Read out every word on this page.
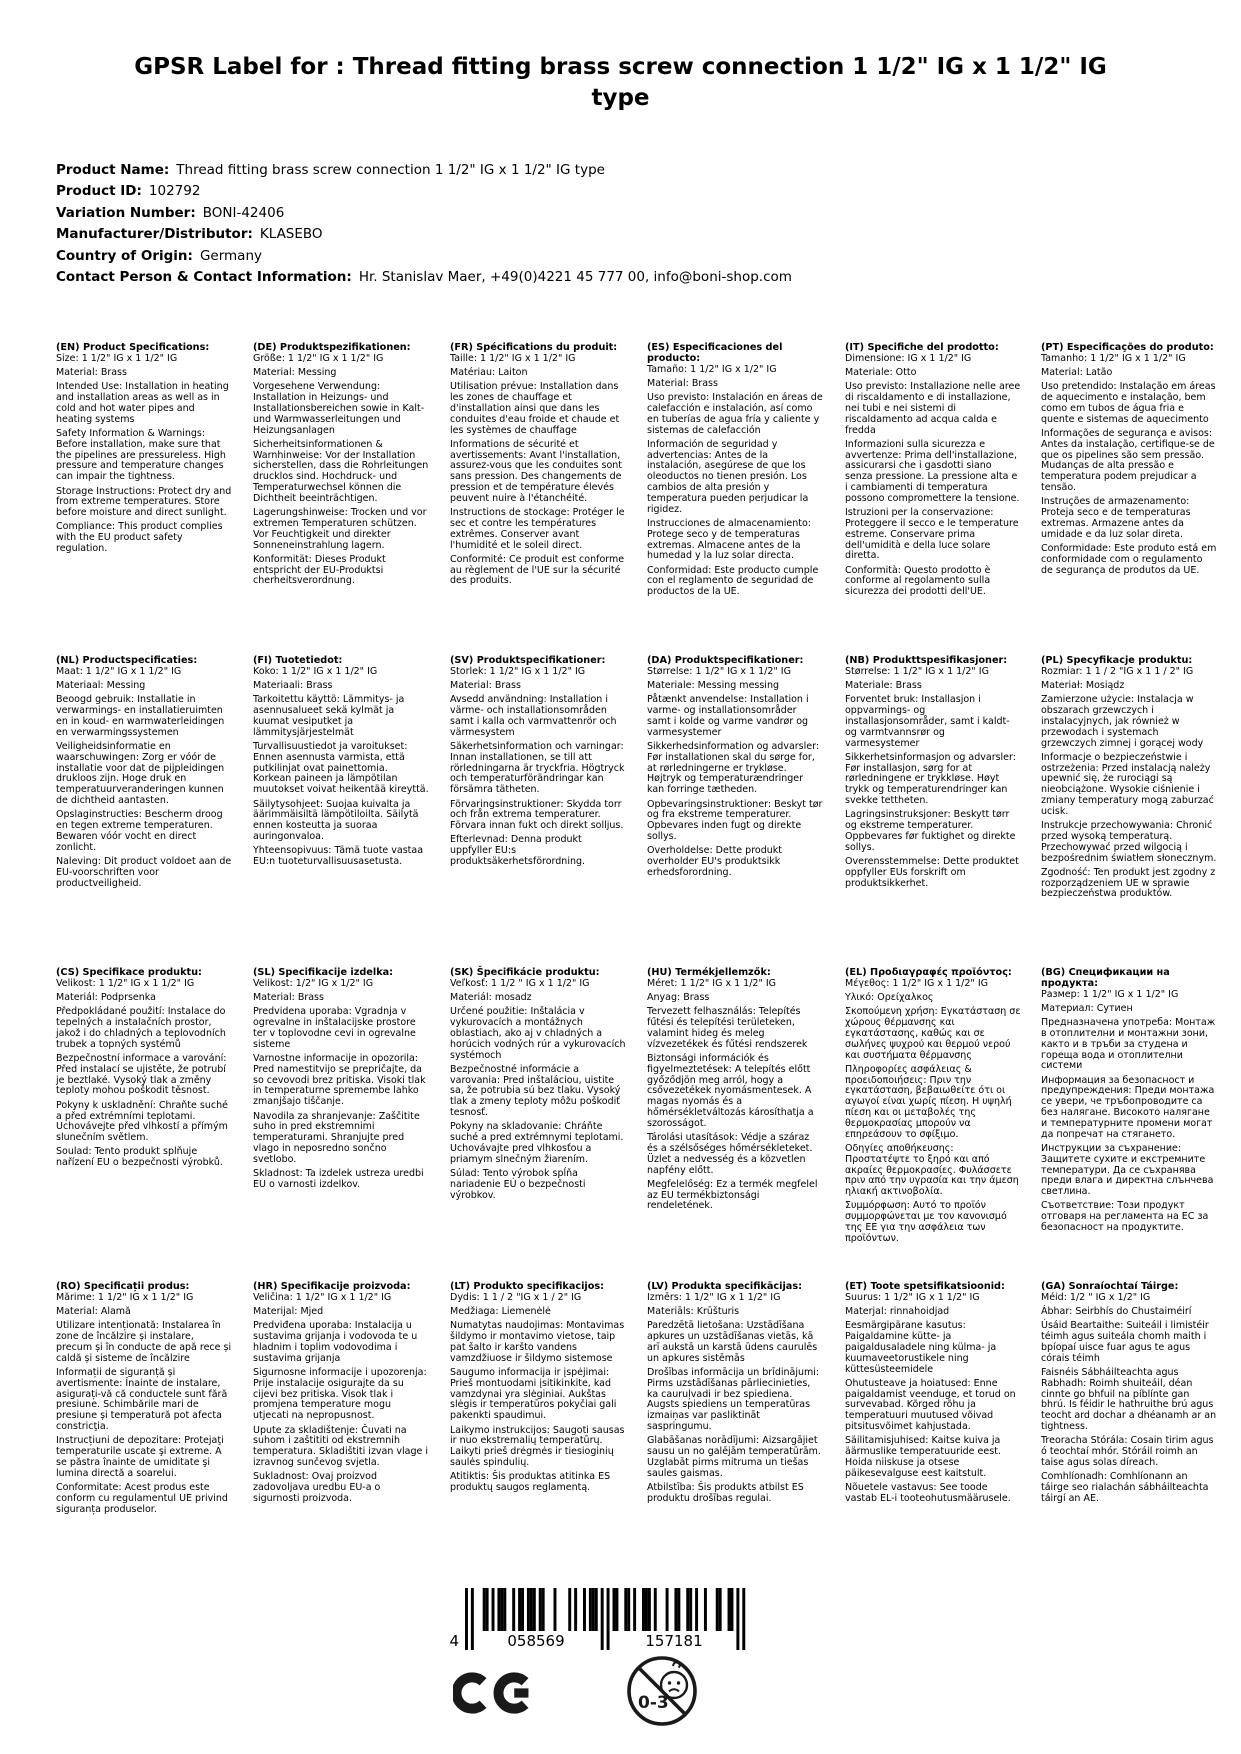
GPSR Label for : Thread fitting brass screw connection 1 1/2" IG x 1 1/2" IG type
Product Name: Thread fitting brass screw connection 1 1/2" IG x 1 1/2" IG type
Product ID: 102792
Variation Number: BONI-42406
Manufacturer/Distributor: KLASEBO
Country of Origin: Germany
Contact Person & Contact Information: Hr. Stanislav Maer, +49(0)4221 45 777 00, info@boni-shop.com
(EN) Product Specifications:

Size: 1 1/2" IG x 1 1/2" IG

Material: Brass

Intended Use: Installation in heating and installation areas as well as in cold and hot water pipes and heating systems

Safety Information & Warnings: Before installation, make sure that the pipelines are pressureless. High pressure and temperature changes can impair the tightness.

Storage Instructions: Protect dry and from extreme temperatures. Store before moisture and direct sunlight.

Compliance: This product complies with the EU product safety regulation.

(DE) Produktspezifikationen:

Größe: 1 1/2" IG x 1 1/2" IG

Material: Messing

Vorgesehene Verwendung: Installation in Heizungs- und Installationsbereichen sowie in Kalt- und Warmwasserleitungen und Heizungsanlagen

Sicherheitsinformationen & Warnhinweise: Vor der Installation sicherstellen, dass die Rohrleitungen drucklos sind. Hochdruck- und Temperaturwechsel können die Dichtheit beeinträchtigen.

Lagerungshinweise: Trocken und vor extremen Temperaturen schützen. Vor Feuchtigkeit und direkter Sonneneinstrahlung lagern.

Konformität: Dieses Produkt entspricht der EU-Produktsi cherheitsverordnung.

(FR) Spécifications du produit:

Taille: 1 1/2" IG x 1 1/2" IG

Matériau: Laiton

Utilisation prévue: Installation dans les zones de chauffage et d'installation ainsi que dans les conduites d'eau froide et chaude et les systèmes de chauffage

Informations de sécurité et avertissements: Avant l'installation, assurez-vous que les conduites sont sans pression. Des changements de pression et de température élevés peuvent nuire à l'étanchéité.

Instructions de stockage: Protéger le sec et contre les températures extrêmes. Conserver avant l'humidité et le soleil direct.

Conformité: Ce produit est conforme au règlement de l'UE sur la sécurité des produits.

(ES) Especificaciones del producto:

Tamaño: 1 1/2" IG x 1/2" IG

Material: Brass

Uso previsto: Instalación en áreas de calefacción e instalación, así como en tuberías de agua fría y caliente y sistemas de calefacción

Información de seguridad y advertencias: Antes de la instalación, asegúrese de que los oleoductos no tienen presión. Los cambios de alta presión y temperatura pueden perjudicar la rigidez.

Instrucciones de almacenamiento: Protege seco y de temperaturas extremas. Almacene antes de la humedad y la luz solar directa.

Conformidad: Este producto cumple con el reglamento de seguridad de productos de la UE.

(IT) Specifiche del prodotto:

Dimensione: IG x 1 1/2" IG

Materiale: Otto

Uso previsto: Installazione nelle aree di riscaldamento e di installazione, nei tubi e nei sistemi di riscaldamento ad acqua calda e fredda

Informazioni sulla sicurezza e avvertenze: Prima dell'installazione, assicurarsi che i gasdotti siano senza pressione. La pressione alta e i cambiamenti di temperatura possono compromettere la tensione.

Istruzioni per la conservazione: Proteggere il secco e le temperature estreme. Conservare prima dell'umidità e della luce solare diretta.

Conformità: Questo prodotto è conforme al regolamento sulla sicurezza dei prodotti dell'UE.

(PT) Especificações do produto:

Tamanho: 1 1/2" IG x 1 1/2" IG

Material: Latão

Uso pretendido: Instalação em áreas de aquecimento e instalação, bem como em tubos de água fria e quente e sistemas de aquecimento

Informações de segurança e avisos: Antes da instalação, certifique-se de que os pipelines são sem pressão. Mudanças de alta pressão e temperatura podem prejudicar a tensão.

Instruções de armazenamento: Proteja seco e de temperaturas extremas. Armazene antes da umidade e da luz solar direta.

Conformidade: Este produto está em conformidade com o regulamento de segurança de produtos da UE.

(NL) Productspecificaties:

Maat: 1 1/2" IG x 1 1/2" IG

Materiaal: Messing

Beoogd gebruik: Installatie in verwarmings- en installatieruimten en in koud- en warmwaterleidingen en verwarmingssystemen

Veiligheidsinformatie en waarschuwingen: Zorg er vóór de installatie voor dat de pijpleidingen drukloos zijn. Hoge druk en temperatuurveranderingen kunnen de dichtheid aantasten.

Opslaginstructies: Bescherm droog en tegen extreme temperaturen. Bewaren vóór vocht en direct zonlicht.

Naleving: Dit product voldoet aan de EU-voorschriften voor productveiligheid.

(FI) Tuotetiedot:

Koko: 1 1/2" IG x 1 1/2" IG

Materiaali: Brass

Tarkoitettu käyttö: Lämmitys- ja asennusalueet sekä kylmät ja kuumat vesiputket ja lämmitysjärjestelmät

Turvallisuustiedot ja varoitukset: Ennen asennusta varmista, että putkilinjat ovat painettomia. Korkean paineen ja lämpötilan muutokset voivat heikentää kireyttä.

Säilytysohjeet: Suojaa kuivalta ja äärimmäisiltä lämpötiloilta. Säilytä ennen kosteutta ja suoraa auringonvaloa.

Yhteensopivuus: Tämä tuote vastaa EU:n tuoteturvallisuusasetusta.

(SV) Produktspecifikationer:

Storlek: 1 1/2" IG x 1 1/2" IG

Material: Brass

Avsedd användning: Installation i värme- och installationsområden samt i kalla och varmvattenrör och värmesystem

Säkerhetsinformation och varningar: Innan installationen, se till att rörledningarna är tryckfria. Högtryck och temperaturförändringar kan försämra tätheten.

Förvaringsinstruktioner: Skydda torr och från extrema temperaturer. Förvara innan fukt och direkt solljus.

Efterlevnad: Denna produkt uppfyller EU:s produktsäkerhetsförordning.

(DA) Produktspecifikationer:

Størrelse: 1 1/2" IG x 1 1/2" IG

Materiale: Messing messing

Påtænkt anvendelse: Installation i varme- og installationsområder samt i kolde og varme vandrør og varmesystemer

Sikkerhedsinformation og advarsler: Før installationen skal du sørge for, at rørledningerne er trykløse. Højtryk og temperaturændringer kan forringe tætheden.

Opbevaringsinstruktioner: Beskyt tør og fra ekstreme temperaturer. Opbevares inden fugt og direkte sollys.

Overholdelse: Dette produkt overholder EU's produktsikk erhedsforordning.

(NB) Produkttspesifikasjoner:

Størrelse: 1 1/2" IG x 1 1/2" IG

Materiale: Brass

Forventet bruk: Installasjon i oppvarmings- og installasjonsområder, samt i kaldt- og varmtvannsrør og varmesystemer

Sikkerhetsinformasjon og advarsler: Før installasjon, sørg for at rørledningene er trykkløse. Høyt trykk og temperaturendringer kan svekke tettheten.

Lagringsinstruksjoner: Beskytt tørr og ekstreme temperaturer. Oppbevares før fuktighet og direkte sollys.

Overensstemmelse: Dette produktet oppfyller EUs forskrift om produktsikkerhet.

(PL) Specyfikacje produktu:

Rozmiar: 1 1 / 2 "IG x 1 1 / 2" IG

Materiał: Mosiądz

Zamierzone użycie: Instalacja w obszarach grzewczych i instalacyjnych, jak również w przewodach i systemach grzewczych zimnej i gorącej wody

Informacje o bezpieczeństwie i ostrzeżenia: Przed instalacją należy upewnić się, że rurociągi są nieobciążone. Wysokie ciśnienie i zmiany temperatury mogą zaburzać ucisk.

Instrukcje przechowywania: Chronić przed wysoką temperaturą. Przechowywać przed wilgocią i bezpośrednim światłem słonecznym.

Zgodność: Ten produkt jest zgodny z rozporządzeniem UE w sprawie bezpieczeństwa produktów.

(CS) Specifikace produktu:

Velikost: 1 1/2" IG x 1 1/2" IG

Materiál: Podprsenka

Předpokládané použití: Instalace do tepelných a instalačních prostor, jakož i do chladných a teplovodních trubek a topných systémů

Bezpečnostní informace a varování: Před instalací se ujistěte, že potrubí je beztlaké. Vysoký tlak a změny teploty mohou poškodit těsnost.

Pokyny k uskladnění: Chraňte suché a před extrémními teplotami. Uchovávejte před vlhkostí a přímým slunečním světlem.

Soulad: Tento produkt splňuje nařízení EU o bezpečnosti výrobků.

(SL) Specifikacije izdelka:

Velikost: 1/2" IG x 1/2" IG

Material: Brass

Predvidena uporaba: Vgradnja v ogrevalne in inštalacijske prostore ter v toplovodne cevi in ogrevalne sisteme

Varnostne informacije in opozorila: Pred namestitvijo se prepričajte, da so cevovodi brez pritiska. Visoki tlak in temperaturne spremembe lahko zmanjšajo tiščanje.

Navodila za shranjevanje: Zaščitite suho in pred ekstremnimi temperaturami. Shranjujte pred vlago in neposredno sončno svetlobo.

Skladnost: Ta izdelek ustreza uredbi EU o varnosti izdelkov.

(SK) Špecifikácie produktu:

Veľkosť: 1 1/2 " IG x 1 1/2" IG

Materiál: mosadz

Určené použitie: Inštalácia v vykurovacích a montážnych oblastiach, ako aj v chladných a horúcich vodných rúr a vykurovacích systémoch

Bezpečnostné informácie a varovania: Pred inštaláciou, uistite sa, že potrubia sú bez tlaku. Vysoký tlak a zmeny teploty môžu poškodiť tesnosť.

Pokyny na skladovanie: Chráňte suché a pred extrémnymi teplotami. Uchovávajte pred vlhkosťou a priamym slnečným žiarením.

Súlad: Tento výrobok spĺňa nariadenie EÚ o bezpečnosti výrobkov.

(HU) Termékjellemzők:

Méret: 1 1/2" IG x 1 1/2" IG

Anyag: Brass

Tervezett felhasználás: Telepítés fűtési és telepítési területeken, valamint hideg és meleg vízvezetékek és fűtési rendszerek

Biztonsági információk és figyelmeztetések: A telepítés előtt győződjön meg arról, hogy a csővezetékek nyomásmentesek. A magas nyomás és a hőmérsékletváltozás károsíthatja a szorosságot.

Tárolási utasítások: Védje a száraz és a szélsőséges hőmérsékleteket. Üzlet a nedvesség és a közvetlen napfény előtt.

Megfelelőség: Ez a termék megfelel az EU termékbiztonsági rendeletének.

(EL) Προδιαγραφές προϊόντος:

Μέγεθος: 1 1/2" IG x 1 1/2" IG

Υλικό: Ορείχαλκος

Σκοπούμενη χρήση: Εγκατάσταση σε χώρους θέρμανσης και εγκατάστασης, καθώς και σε σωλήνες ψυχρού και θερμού νερού και συστήματα θέρμανσης

Πληροφορίες ασφάλειας & προειδοποιήσεις: Πριν την εγκατάσταση, βεβαιωθείτε ότι οι αγωγοί είναι χωρίς πίεση. Η υψηλή πίεση και οι μεταβολές της θερμοκρασίας μπορούν να επηρεάσουν το σφίξιμο.

Οδηγίες αποθήκευσης: Προστατέψτε το ξηρό και από ακραίες θερμοκρασίες. Φυλάσσετε πριν από την υγρασία και την άμεση ηλιακή ακτινοβολία.

Συμμόρφωση: Αυτό το προϊόν συμμορφώνεται με τον κανονισμό της ΕΕ για την ασφάλεια των προϊόντων.

(BG) Спецификации на продукта:

Размер: 1 1/2" IG x 1 1/2" IG

Материал: Сутиен

Предназначена употреба: Монтаж в отоплителни и монтажни зони, както и в тръби за студена и гореща вода и отоплителни системи

Информация за безопасност и предупреждения: Преди монтажа се увери, че тръбопроводите са без налягане. Високото налягане и температурните промени могат да попречат на стягането.

Инструкции за съхранение: Защитете сухите и екстремните температури. Да се съхранява преди влага и директна слънчева светлина.

Съответствие: Този продукт отговаря на регламента на ЕС за безопасност на продуктите.

(RO) Specificații produs:

Mărime: 1 1/2" IG x 1 1/2" IG

Material: Alamă

Utilizare intenționată: Instalarea în zone de încălzire și instalare, precum și în conducte de apă rece și caldă și sisteme de încălzire

Informații de siguranță și avertismente: Înainte de instalare, asigurați-vă că conductele sunt fără presiune. Schimbările mari de presiune și temperatură pot afecta constricţia.

Instrucțiuni de depozitare: Protejaţi temperaturile uscate şi extreme. A se păstra înainte de umiditate şi lumina directă a soarelui.

Conformitate: Acest produs este conform cu regulamentul UE privind siguranța produselor.

(HR) Specifikacije proizvoda:

Veličina: 1 1/2" IG x 1 1/2" IG

Materijal: Mjed

Predviđena uporaba: Instalacija u sustavima grijanja i vodovoda te u hladnim i toplim vodovodima i sustavima grijanja

Sigurnosne informacije i upozorenja: Prije instalacije osigurajte da su cijevi bez pritiska. Visok tlak i promjena temperature mogu utjecati na nepropusnost.

Upute za skladištenje: Čuvati na suhom i zaštititi od ekstremnih temperatura. Skladištiti izvan vlage i izravnog sunčevog svjetla.

Sukladnost: Ovaj proizvod zadovoljava uredbu EU-a o sigurnosti proizvoda.

(LT) Produkto specifikacijos:

Dydis: 1 1 / 2 "IG x 1 / 2" IG

Medžiaga: Liemenėlė

Numatytas naudojimas: Montavimas šildymo ir montavimo vietose, taip pat šalto ir karšto vandens vamzdžiuose ir šildymo sistemose

Saugumo informacija ir įspėjimai: Prieš montuodami įsitikinkite, kad vamzdynai yra slėginiai. Aukštas slėgis ir temperatūros pokyčiai gali pakenkti spaudimui.

Laikymo instrukcijos: Saugoti sausas ir nuo ekstremalių temperatūrų. Laikyti prieš drėgmės ir tiesioginių saulės spindulių.

Atitiktis: Šis produktas atitinka ES produktų saugos reglamentą.

(LV) Produkta specifikācijas:

Izmērs: 1 1/2" IG x 1 1/2" IG

Materiāls: Krūšturis

Paredzētā lietošana: Uzstādīšana apkures un uzstādīšanas vietās, kā arī aukstā un karstā ūdens caurulēs un apkures sistēmās

Drošības informācija un brīdinājumi: Pirms uzstādīšanas pārliecinieties, ka cauruļvadi ir bez spiediena. Augsts spiediens un temperatūras izmaiņas var pasliktināt saspringumu.

Glabāšanas norādījumi: Aizsargājiet sausu un no galējām temperatūrām. Uzglabāt pirms mitruma un tiešas saules gaismas.

Atbilstība: Šis produkts atbilst ES produktu drošības regulai.

(ET) Toote spetsifikatsioonid:

Suurus: 1 1/2" IG x 1 1/2" IG

Materjal: rinnahoidjad

Eesmärgipärane kasutus: Paigaldamine kütte- ja paigaldusaladele ning külma- ja kuumaveetorustikele ning küttesüsteemidele

Ohutusteave ja hoiatused: Enne paigaldamist veenduge, et torud on survevabad. Kõrged rõhu ja temperatuuri muutused võivad pitsitusvõimet kahjustada.

Säilitamisjuhised: Kaitse kuiva ja äärmuslike temperatuuride eest. Hoida niiskuse ja otsese päikesevalguse eest kaitstult.

Nõuetele vastavus: See toode vastab EL-i tooteohutusmäärusele.

(GA) Sonraíochtaí Táirge:

Méid: 1/2 " IG x 1/2" IG

Ábhar: Seirbhís do Chustaiméirí

Úsáid Beartaithe: Suiteáil i limistéir téimh agus suiteála chomh maith i bpíopaí uisce fuar agus te agus córais téimh

Faisnéis Sábháilteachta agus Rabhadh: Roimh shuiteáil, déan cinnte go bhfuil na píblínte gan bhrú. Is féidir le hathruithe brú agus teocht ard dochar a dhéanamh ar an tightness.

Treoracha Stórála: Cosain tirim agus ó teochtaí mhór. Stóráil roimh an taise agus solas díreach.

Comhlíonadh: Comhlíonann an táirge seo rialachán sábháilteachta táirgí an AE.

4	058569	157181
0-3
